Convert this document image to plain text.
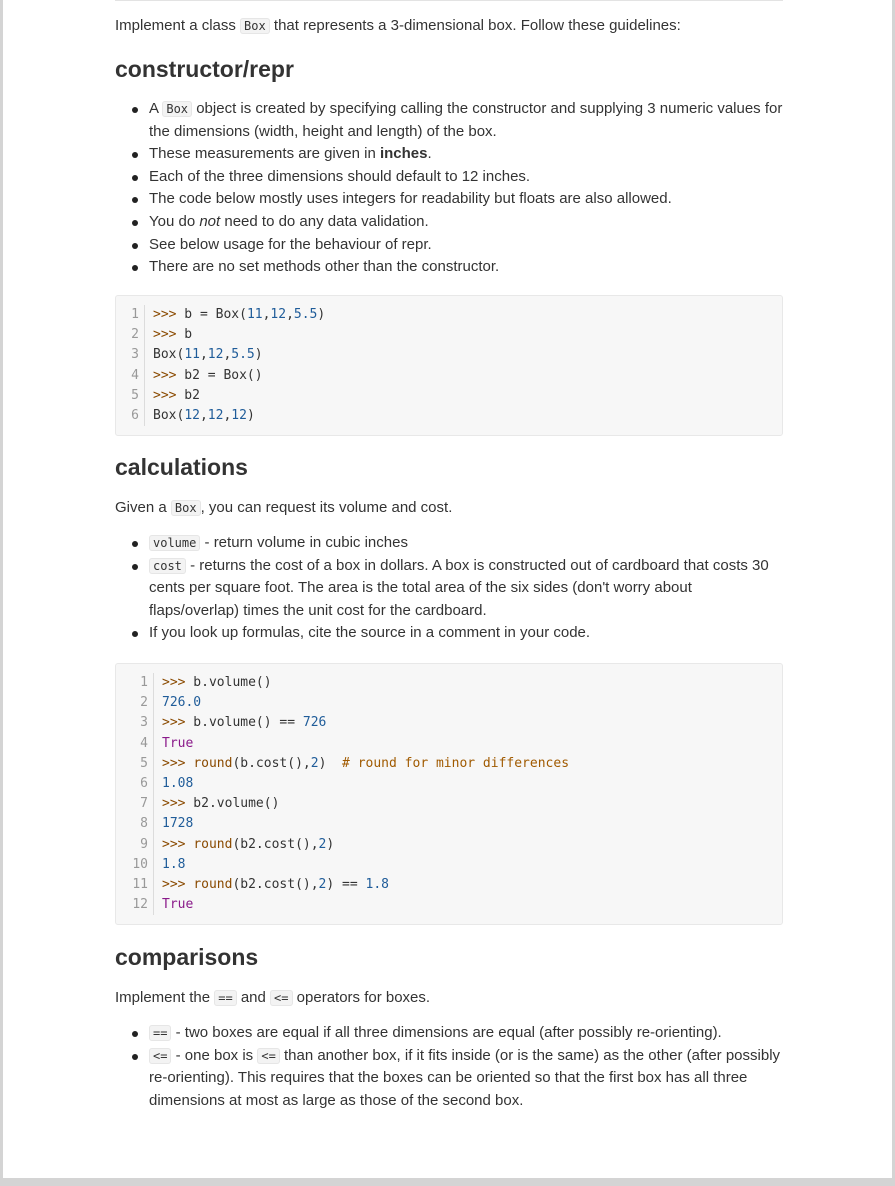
Implement a class Box that represents a 3-dimensional box. Follow these guidelines:

constructor/repr
A Box object is created by specifying calling the constructor and supplying 3 numeric values for the dimensions (width, height and length) of the box.
These measurements are given in inches.
Each of the three dimensions should default to 12 inches.
The code below mostly uses integers for readability but floats are also allowed.
You do not need to do any data validation.
See below usage for the behaviour of repr.
There are no set methods other than the constructor.
1	>>> b = Box(11,12,5.5)
2	>>> b
3	Box(11,12,5.5)
4	>>> b2 = Box()
5	>>> b2
6	Box(12,12,12)
calculations

Given a Box , you can request its volume and cost.

volume - return volume in cubic inches
cost - returns the cost of a box in dollars. A box is constructed out of cardboard that costs 30 cents per square foot. The area is the total area of the six sides (don't worry about flaps/overlap) times the unit cost for the cardboard.
If you look up formulas, cite the source in a comment in your code.
1	>>> b.volume()
2	726.0
3	>>> b.volume() == 726
4	True
5	>>> round(b.cost(),2)  # round for minor differences
6	1.08
7	>>> b2.volume()
8	1728
9	>>> round(b2.cost(),2)
10	1.8
11	>>> round(b2.cost(),2) == 1.8
12	True
comparisons

Implement the == and <= operators for boxes.

== - two boxes are equal if all three dimensions are equal (after possibly re-orienting).
<= - one box is <= than another box, if it fits inside (or is the same) as the other (after possibly re-orienting). This requires that the boxes can be oriented so that the first box has all three dimensions at most as large as those of the second box.
